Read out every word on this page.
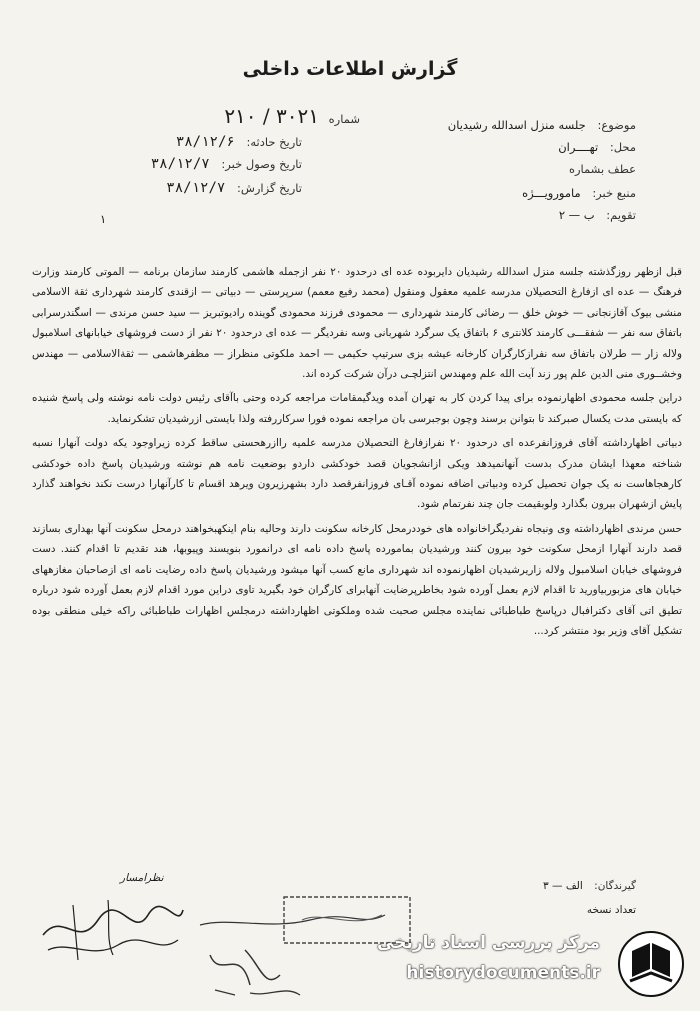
گزارش اطلاعات داخلی
موضوع: جلسه منزل اسدالله رشیدیان
شماره ۳۰۲۱ / ۲۱۰
محل: تهــــران
تاریخ حادثه: ۳۸/۱۲/۶
عطف بشماره
تاریخ وصول خبر: ۳۸/۱۲/۷
منبع خبر: مامورویـــژه
تاریخ گزارش: ۳۸/۱۲/۷
تقویم: ب — ۲
۱

قبل ازظهر روزگذشته جلسه منزل اسدالله رشیدیان دایربوده عده ای درحدود ۲۰ نفر ازجمله هاشمی کارمند سازمان برنامه — الموتی کارمند وزارت فرهنگ — عده ای ازفارغ التحصیلان مدرسه علمیه معقول ومنقول (محمد رفیع معمم) سرپرستی — دبیاتی — ازقندی کارمند شهرداری ثقة الاسلامی منشی بیوک آقازنجانی — خوش خلق — رضائی کارمند شهرداری — محمودی فرزند محمودی گوینده رادیوتبریز — سید حسن مرندی — اسگندرسرابی باتفاق سه نفر — شفقـــی کارمند کلانتری ۶ باتفاق یک سرگرد شهربانی وسه نفردیگر — عده ای درحدود ۲۰ نفر از دست فروشهای خیابانهای اسلامبول ولاله زار — طرلان باتفاق سه نفرازکارگران کارخانه عیشه بزی سرتیپ حکیمی — احمد ملکوتی منظراز — مظفرهاشمی — ثقةالاسلامی — مهندس وخشــوری منی الدین علم پور زند آیت الله علم ومهندس انتزلچـی درآن شرکت کرده اند.

دراین جلسه محمودی اظهارنموده برای پیدا کردن کار به تهران آمده ویدگیمقامات مراجعه کرده وحتی باآقای رئیس دولت نامه نوشته ولی پاسخ شنیده که بایستی مدت یکسال صبرکند تا بتوانن برسند وچون بوجبرسی بان مراجعه نموده فورا سرکاررفته ولذا بایستی ازرشیدیان تشکرنماید.

دبیاتی اظهارداشته آقای فروزانفرعده ای درحدود ۲۰ نفرازفارغ التحصیلان مدرسه علمیه راازرهحستی ساقط کرده زیراوجود یکه دولت آنهارا نسبه شناخته معهذا ایشان مدرک بدست آنهانمیدهد ویکی ازانشجویان قصد خودکشی داردو بوضعیت نامه هم نوشته ورشیدیان پاسخ داده خودکشی کارهجاهاست نه یک جوان تحصیل کرده ودبیاتی اضافه نموده آقـای فروزانفرقصد دارد بشهرزیرون ویرهد اقسام تا کارآنهارا درست نکند نخواهند گذارد پایش ازشهران بیرون بگذارد ولوبقیمت جان چند نفرتمام شود.

حسن مرندی اظهارداشته وی ونیجاه نفردیگراخانواده های خوددرمحل کارخانه سکونت دارند وحالیه بنام اینکهبخواهند درمحل سکونت آنها بهداری بسازند قصد دارند آنهارا ازمحل سکونت خود بیرون کنند ورشیدیان بمامورده پاسخ داده نامه ای درانمورد بنویسند وپیوبها، هند تقدیم تا اقدام کنند. دست فروشهای خیابان اسلامبول ولاله زاریرشیدیان اظهارنموده اند شهرداری مانع کسب آنها میشود ورشیدیان پاسخ داده رضایت نامه ای ازصاحبان مغازههای خیابان های مزبوربیاورید تا اقدام لازم بعمل آورده شود بخاطرپرضایت آنهابرای کارگران خود بگیرید تاوی دراین مورد اقدام لازم بعمل آورده شود درباره تطیق اتی آقای دکترافبال درپاسخ طباطبائی نماینده مجلس صحبت شده وملکوتی اظهارداشته درمجلس اظهارات طباطبائی راکه خیلی منطقی بوده تشکیل آقای وزیر بود منتشر کرد...

گیرندگان: الف — ۳
تعداد نسخه
نظرامسار
مرکز بررسی اسناد تاریخی
historydocuments.ir
